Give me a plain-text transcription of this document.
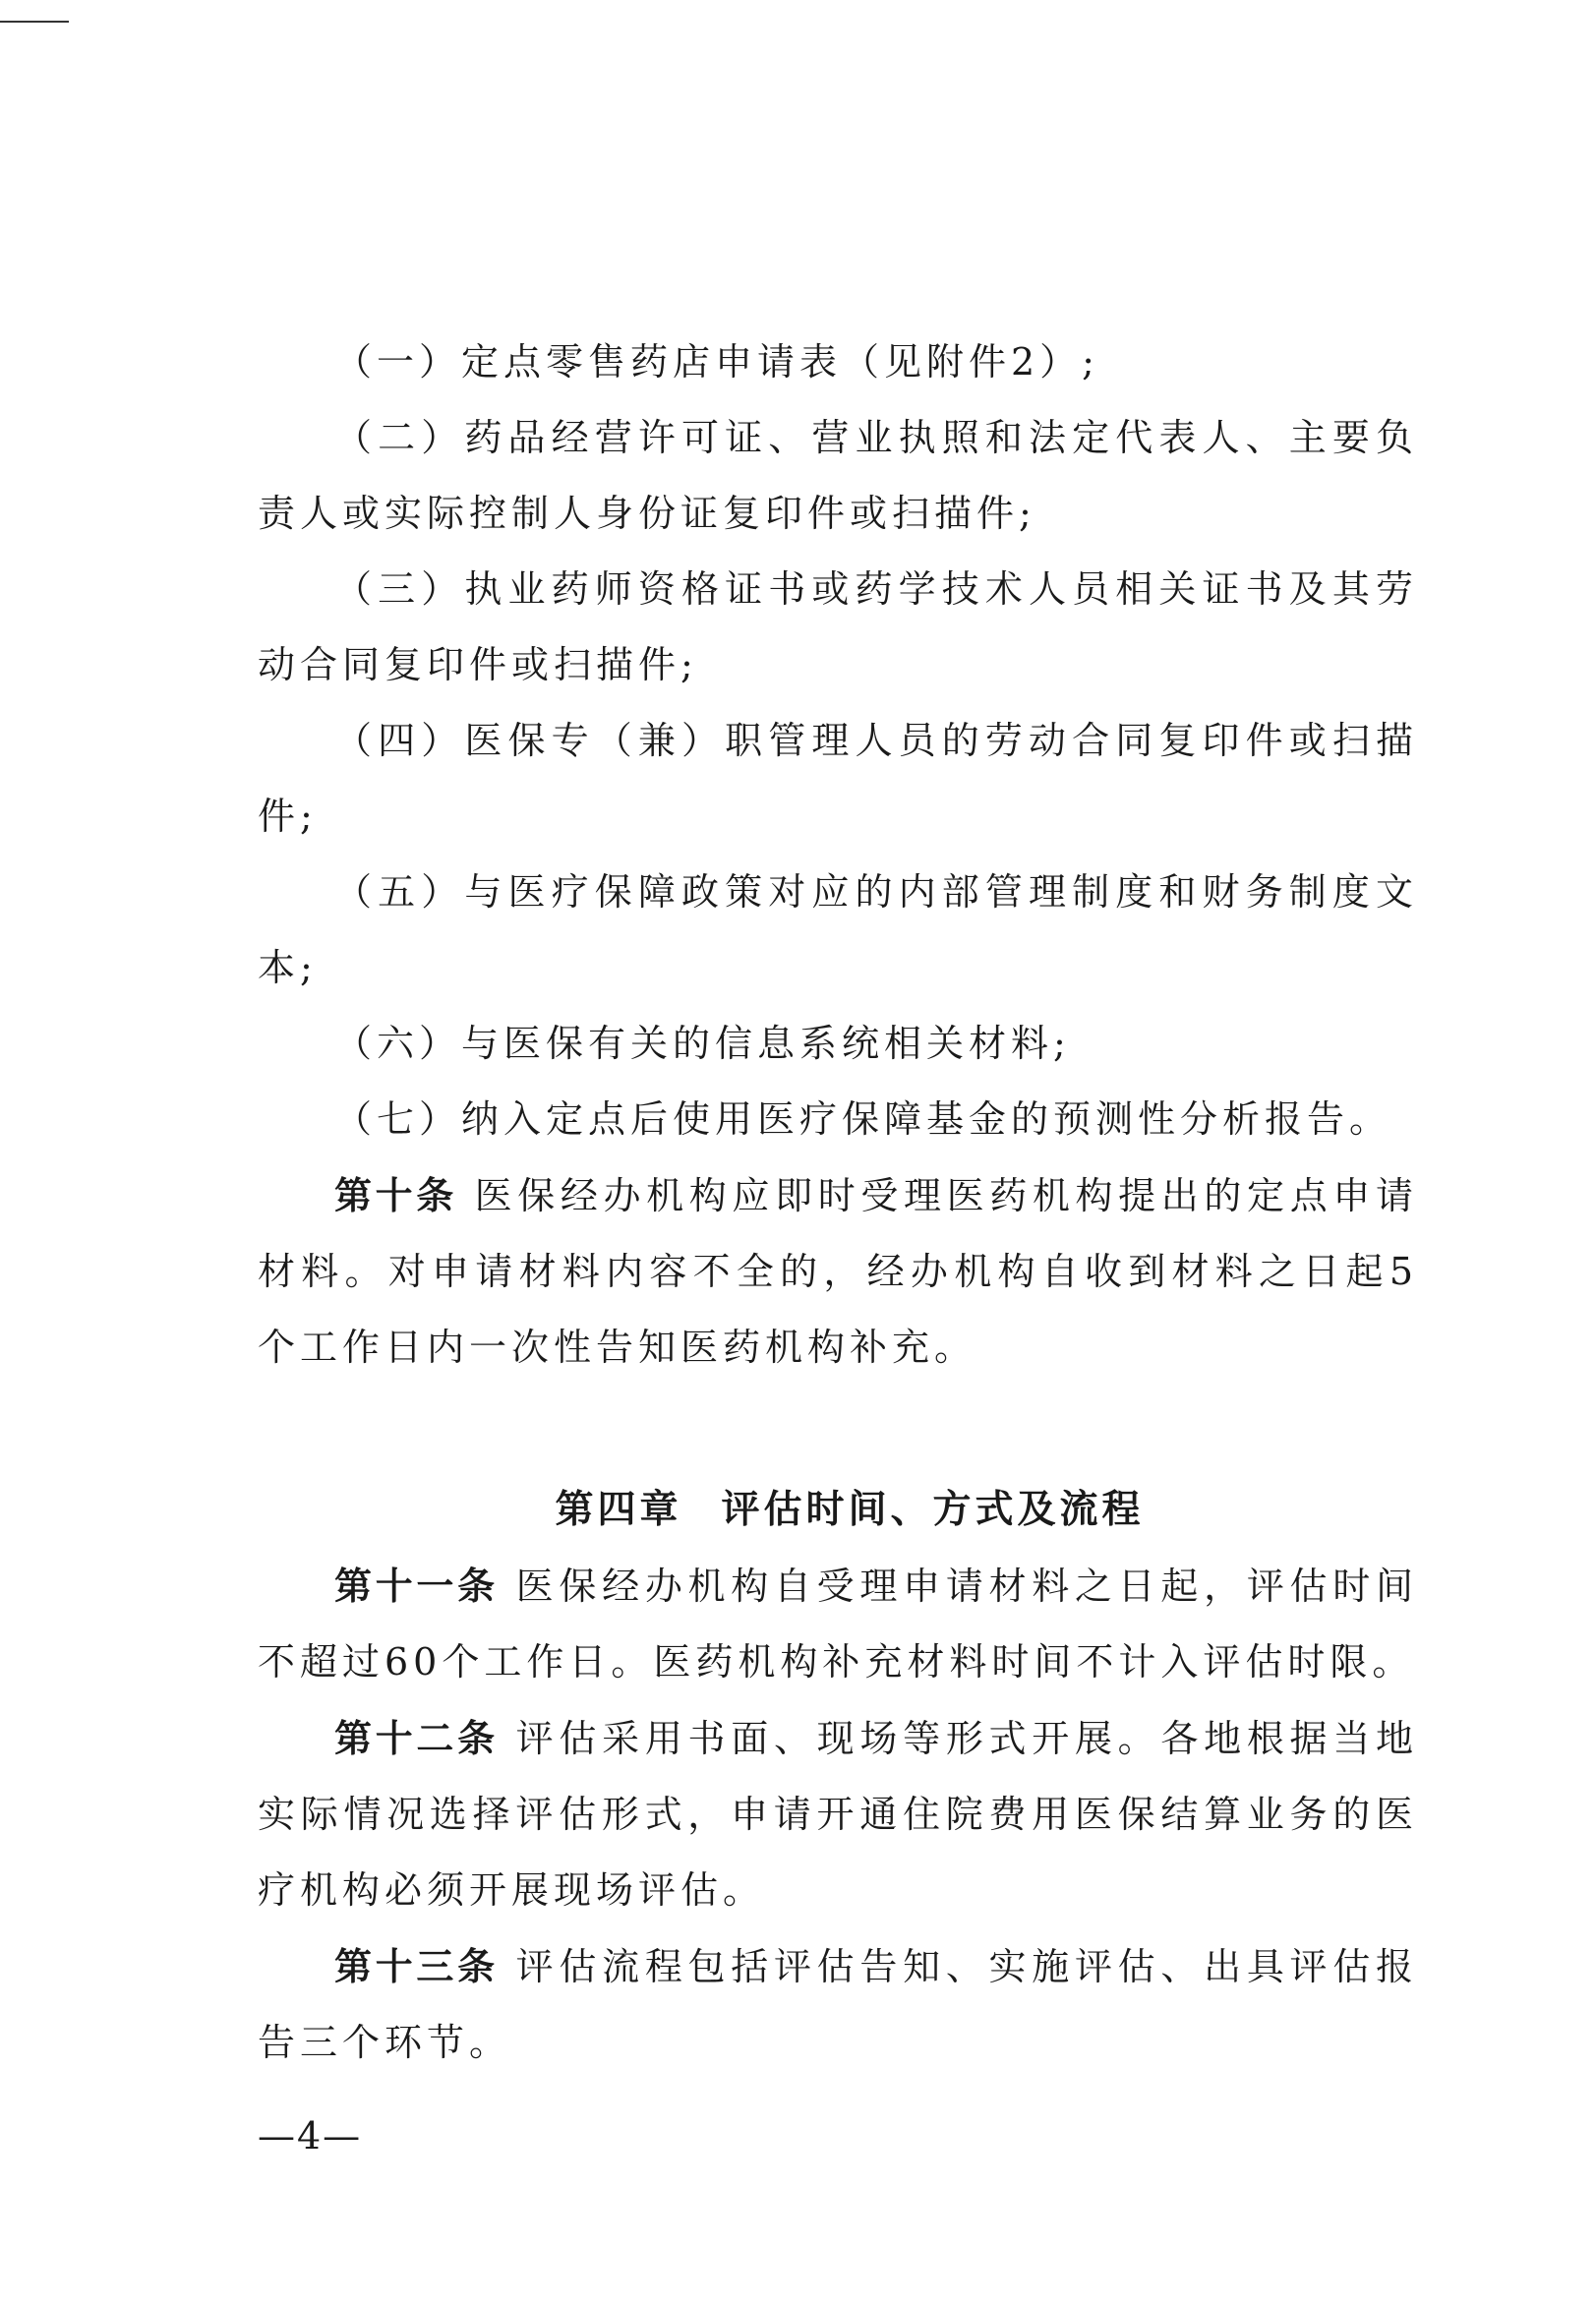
（一）定点零售药店申请表（见附件2）;

（二）药品经营许可证、营业执照和法定代表人、主要负责人或实际控制人身份证复印件或扫描件;

（三）执业药师资格证书或药学技术人员相关证书及其劳动合同复印件或扫描件;

（四）医保专（兼）职管理人员的劳动合同复印件或扫描件;

（五）与医疗保障政策对应的内部管理制度和财务制度文本;

（六）与医保有关的信息系统相关材料;

（七）纳入定点后使用医疗保障基金的预测性分析报告。

第十条 医保经办机构应即时受理医药机构提出的定点申请材料。对申请材料内容不全的，经办机构自收到材料之日起5个工作日内一次性告知医药机构补充。

第四章 评估时间、方式及流程

第十一条 医保经办机构自受理申请材料之日起，评估时间不超过60个工作日。医药机构补充材料时间不计入评估时限。

第十二条 评估采用书面、现场等形式开展。各地根据当地实际情况选择评估形式，申请开通住院费用医保结算业务的医疗机构必须开展现场评估。

第十三条 评估流程包括评估告知、实施评估、出具评估报告三个环节。

—4—
